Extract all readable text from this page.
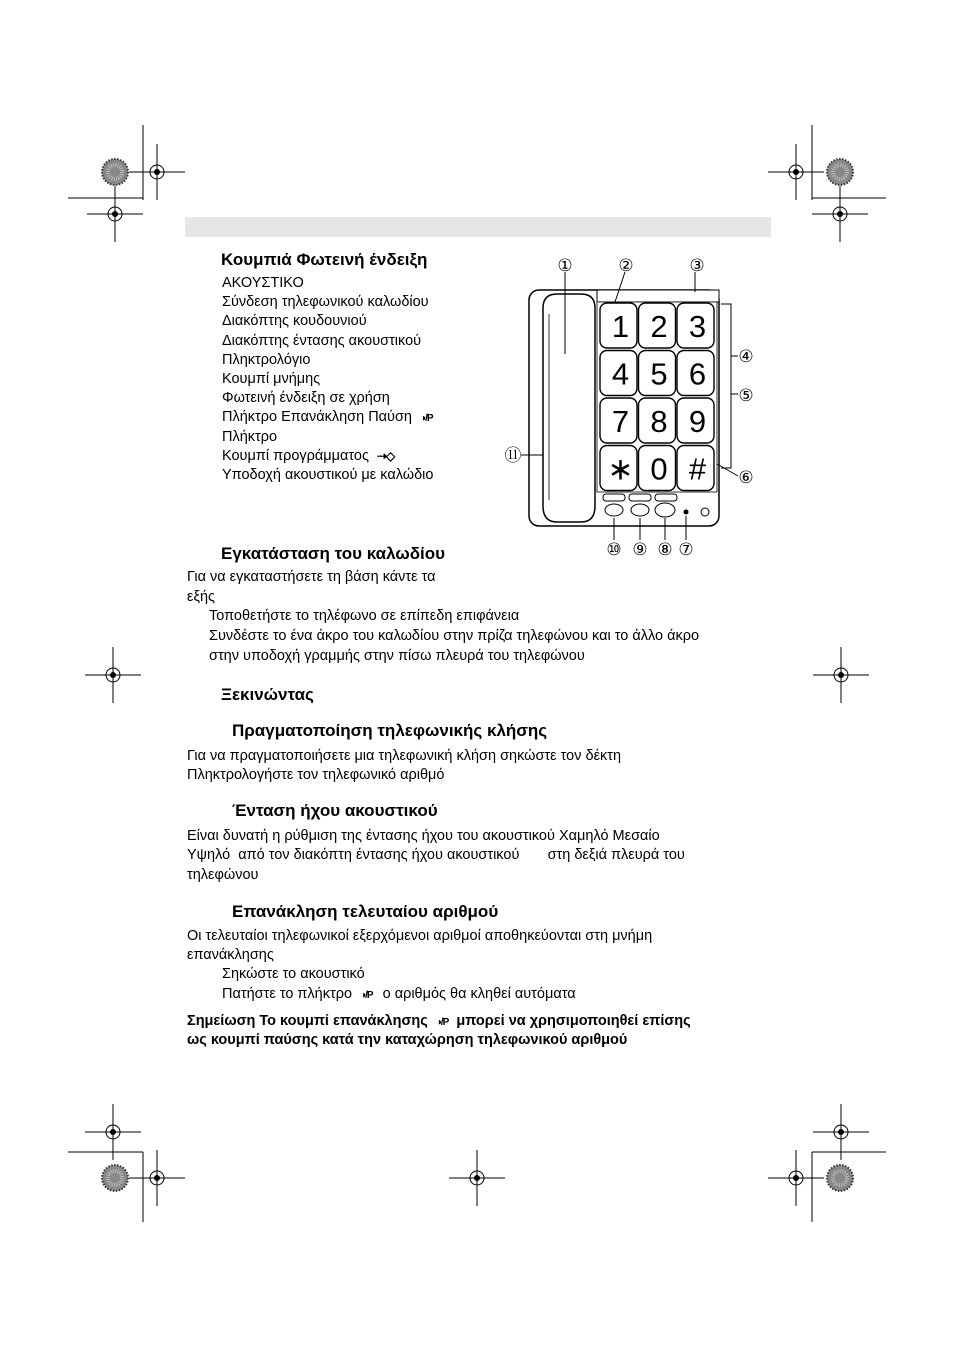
Κουμπιά Φωτεινή ένδειξη
ΑΚΟΥΣΤΙΚΟ
Σύνδεση τηλεφωνικού καλωδίου
Διακόπτης κουδουνιού
Διακόπτης έντασης ακουστικού
Πληκτρολόγιο
Κουμπί μνήμης
Φωτεινή ένδειξη σε χρήση
Πλήκτρο Επανάκληση Παύση ◑/P
Πλήκτρο
Κουμπί προγράμματος ⇢◇
Υποδοχή ακουστικού με καλώδιο
1 2 3
4 5 6
7 8 9
∗ 0 #
①	②	③
④
⑤
⑥
⑦
⑧
⑨
⑩
⑪
Εγκατάσταση του καλωδίου
Για να εγκαταστήσετε τη βάση κάντε τα
εξής
Τοποθετήστε το τηλέφωνο σε επίπεδη επιφάνεια
Συνδέστε το ένα άκρο του καλωδίου στην πρίζα τηλεφώνου και το άλλο άκρο
στην υποδοχή γραμμής στην πίσω πλευρά του τηλεφώνου
Ξεκινώντας
Πραγματοποίηση τηλεφωνικής κλήσης
Για να πραγματοποιήσετε μια τηλεφωνική κλήση σηκώστε τον δέκτη
Πληκτρολογήστε τον τηλεφωνικό αριθμό
Ένταση ήχου ακουστικού
Είναι δυνατή η ρύθμιση της έντασης ήχου του ακουστικού Χαμηλό Μεσαίο
Υψηλό  από τον διακόπτη έντασης ήχου ακουστικού       στη δεξιά πλευρά του
τηλεφώνου
Επανάκληση τελευταίου αριθμού
Οι τελευταίοι τηλεφωνικοί εξερχόμενοι αριθμοί αποθηκεύονται στη μνήμη
επανάκλησης
Σηκώστε το ακουστικό
Πατήστε το πλήκτρο ◑/P ο αριθμός θα κληθεί αυτόματα
Σημείωση Το κουμπί επανάκλησης ◑/P μπορεί να χρησιμοποιηθεί επίσης
ως κουμπί παύσης κατά την καταχώρηση τηλεφωνικού αριθμού
